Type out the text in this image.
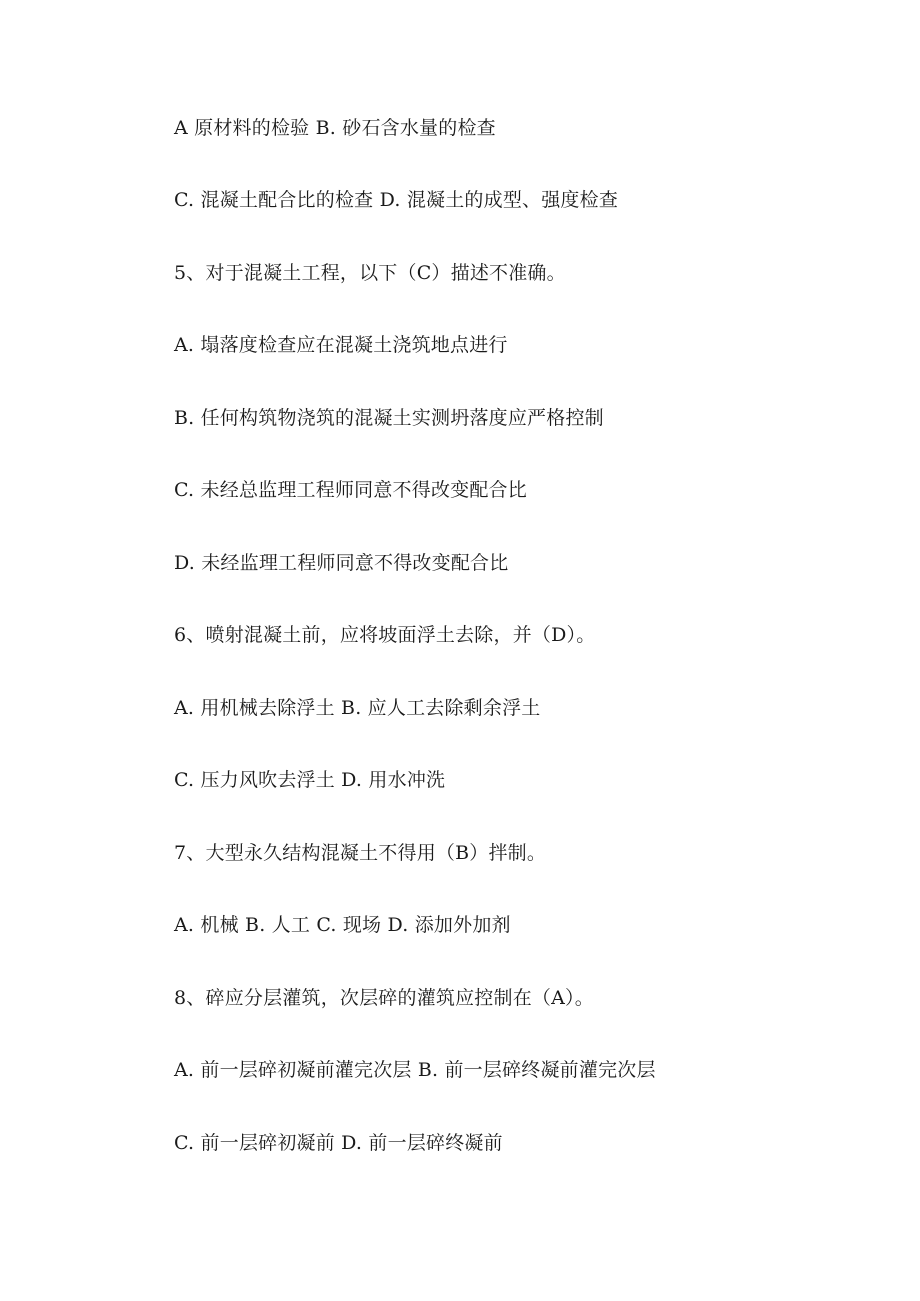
A 原材料的检验 B. 砂石含水量的检查
C. 混凝土配合比的检查 D. 混凝土的成型、强度检查
5、对于混凝土工程，以下（C）描述不准确。
A. 塌落度检查应在混凝土浇筑地点进行
B. 任何构筑物浇筑的混凝土实测坍落度应严格控制
C. 未经总监理工程师同意不得改变配合比
D. 未经监理工程师同意不得改变配合比
6、喷射混凝土前，应将坡面浮土去除，并（D）。
A. 用机械去除浮土 B. 应人工去除剩余浮土
C. 压力风吹去浮土 D. 用水冲洗
7、大型永久结构混凝土不得用（B）拌制。
A. 机械 B. 人工 C. 现场 D. 添加外加剂
8、碎应分层灌筑，次层碎的灌筑应控制在（A）。
A. 前一层碎初凝前灌完次层 B. 前一层碎终凝前灌完次层
C. 前一层碎初凝前 D. 前一层碎终凝前
